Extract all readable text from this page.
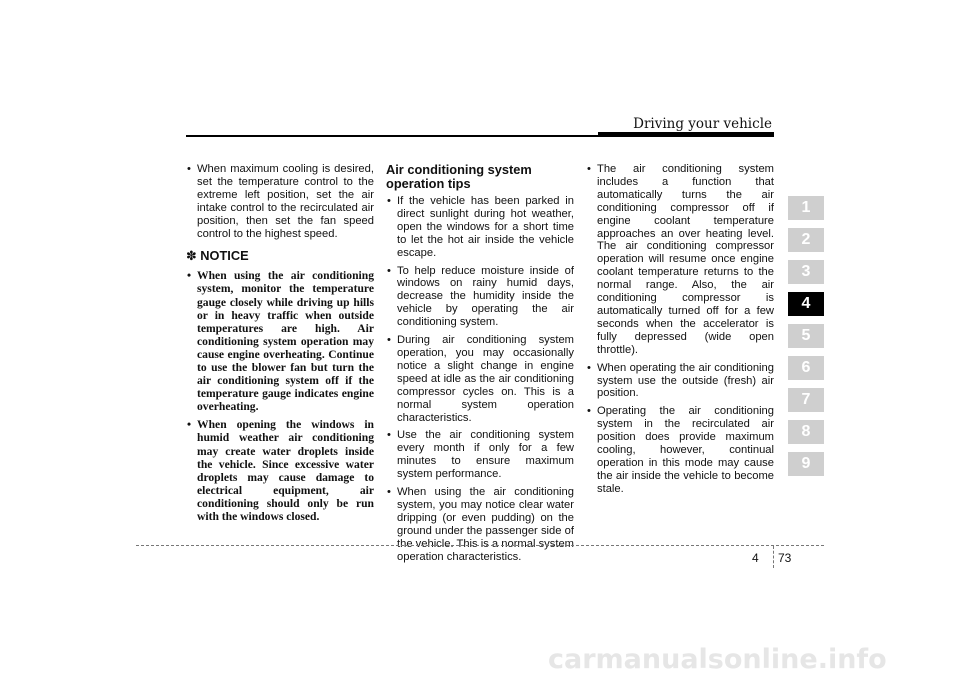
Driving your vehicle
• When maximum cooling is desired, set the temperature control to the extreme left position, set the air intake control to the recirculated air position, then set the fan speed control to the highest speed.
✽ NOTICE
• When using the air conditioning system, monitor the temperature gauge closely while driving up hills or in heavy traffic when outside temperatures are high. Air conditioning system operation may cause engine overheating. Continue to use the blower fan but turn the air conditioning system off if the temperature gauge indicates engine overheating.
• When opening the windows in humid weather air conditioning may create water droplets inside the vehicle. Since excessive water droplets may cause damage to electrical equipment, air conditioning should only be run with the windows closed.
Air conditioning system operation tips
• If the vehicle has been parked in direct sunlight during hot weather, open the windows for a short time to let the hot air inside the vehicle escape.
• To help reduce moisture inside of windows on rainy humid days, decrease the humidity inside the vehicle by operating the air conditioning system.
• During air conditioning system operation, you may occasionally notice a slight change in engine speed at idle as the air conditioning compressor cycles on. This is a normal system operation characteristics.
• Use the air conditioning system every month if only for a few minutes to ensure maximum system performance.
• When using the air conditioning system, you may notice clear water dripping (or even pudding) on the ground under the passenger side of the vehicle. This is a normal system operation characteristics.
• The air conditioning system includes a function that automatically turns the air conditioning compressor off if engine coolant temperature approaches an over heating level. The air conditioning compressor operation will resume once engine coolant temperature returns to the normal range. Also, the air conditioning compressor is automatically turned off for a few seconds when the accelerator is fully depressed (wide open throttle).
• When operating the air conditioning system use the outside (fresh) air position.
• Operating the air conditioning system in the recirculated air position does provide maximum cooling, however, continual operation in this mode may cause the air inside the vehicle to become stale.
1
2
3
4
5
6
7
8
9
4 73
carmanualsonline.info
